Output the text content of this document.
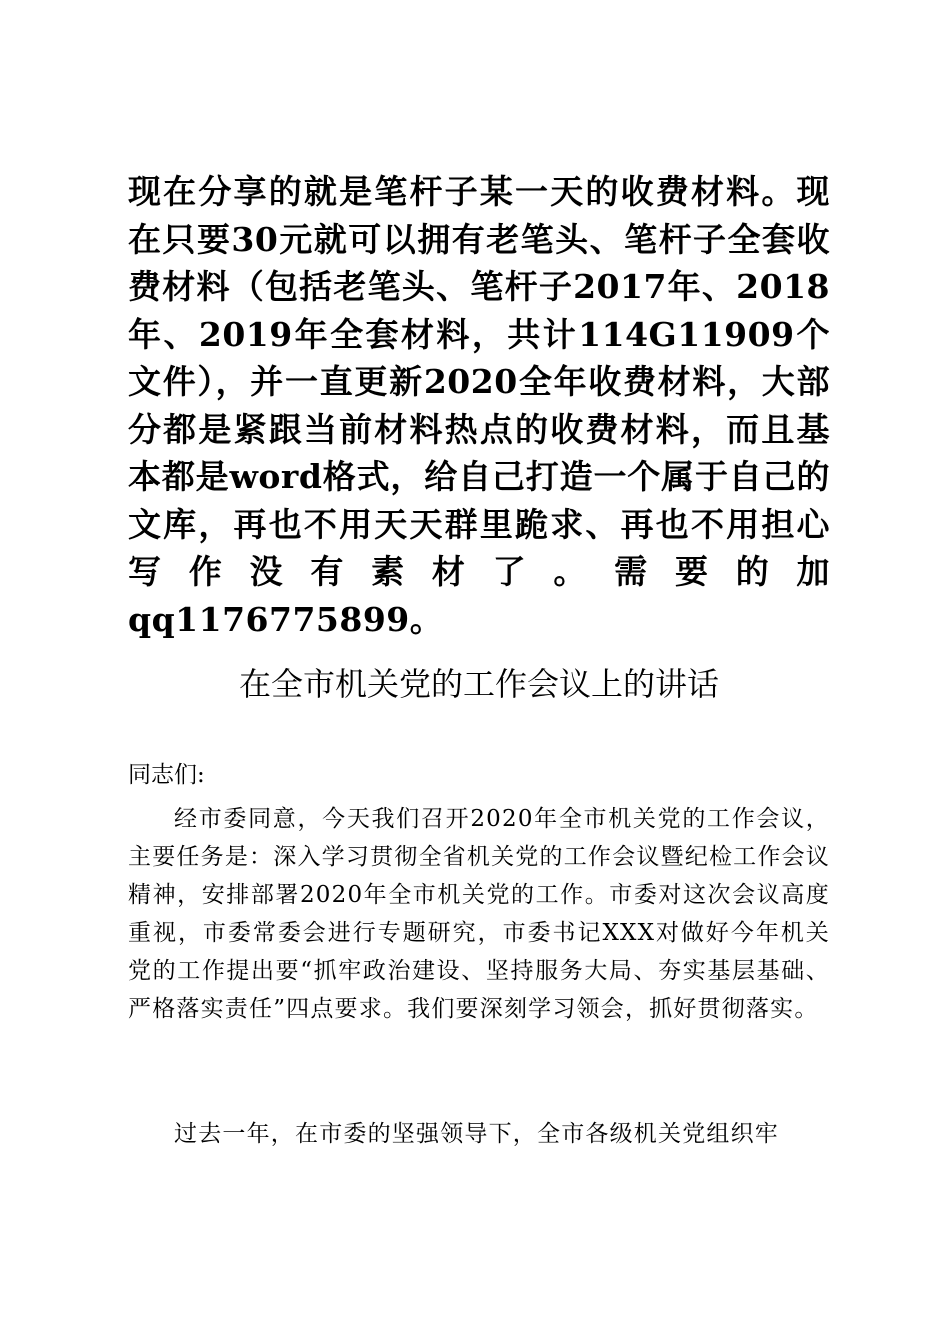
现在分享的就是笔杆子某一天的收费材料。现在只要30元就可以拥有老笔头、笔杆子全套收费材料（包括老笔头、笔杆子2017年、2018年、2019年全套材料，共计114G11909个文件），并一直更新2020全年收费材料，大部分都是紧跟当前材料热点的收费材料，而且基本都是word格式，给自己打造一个属于自己的文库，再也不用天天群里跪求、再也不用担心写作没有素材了。需要的加qq1176775899。
在全市机关党的工作会议上的讲话
同志们:
经市委同意，今天我们召开2020年全市机关党的工作会议，主要任务是：深入学习贯彻全省机关党的工作会议暨纪检工作会议精神，安排部署2020年全市机关党的工作。市委对这次会议高度重视，市委常委会进行专题研究，市委书记XXX对做好今年机关党的工作提出要“抓牢政治建设、坚持服务大局、夯实基层基础、严格落实责任”四点要求。我们要深刻学习领会，抓好贯彻落实。
过去一年，在市委的坚强领导下，全市各级机关党组织牢
